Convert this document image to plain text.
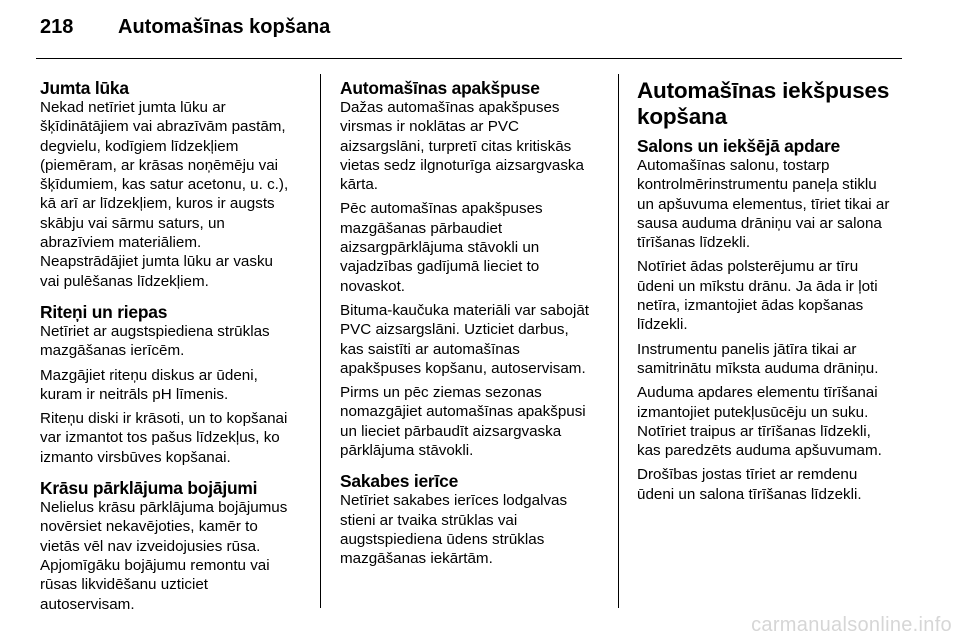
218 Automašīnas kopšana
Jumta lūka
Nekad netīriet jumta lūku ar
šķīdinātājiem vai abrazīvām pastām,
degvielu, kodīgiem līdzekļiem
(piemēram, ar krāsas noņēmēju vai
šķīdumiem, kas satur acetonu, u. c.),
kā arī ar līdzekļiem, kuros ir augsts
skābju vai sārmu saturs, un
abrazīviem materiāliem.
Neapstrādājiet jumta lūku ar vasku
vai pulēšanas līdzekļiem.
Riteņi un riepas
Netīriet ar augstspiediena strūklas
mazgāšanas ierīcēm.
Mazgājiet riteņu diskus ar ūdeni,
kuram ir neitrāls pH līmenis.
Riteņu diski ir krāsoti, un to kopšanai
var izmantot tos pašus līdzekļus, ko
izmanto virsbūves kopšanai.
Krāsu pārklājuma bojājumi
Nelielus krāsu pārklājuma bojājumus
novērsiet nekavējoties, kamēr to
vietās vēl nav izveidojusies rūsa.
Apjomīgāku bojājumu remontu vai
rūsas likvidēšanu uzticiet
autoservisam.
Automašīnas apakšpuse
Dažas automašīnas apakšpuses
virsmas ir noklātas ar PVC
aizsargslāni, turpretī citas kritiskās
vietas sedz ilgnoturīga aizsargvaska
kārta.
Pēc automašīnas apakšpuses
mazgāšanas pārbaudiet
aizsargpārklājuma stāvokli un
vajadzības gadījumā lieciet to
novaskot.
Bituma-kaučuka materiāli var sabojāt
PVC aizsargslāni. Uzticiet darbus,
kas saistīti ar automašīnas
apakšpuses kopšanu, autoservisam.
Pirms un pēc ziemas sezonas
nomazgājiet automašīnas apakšpusi
un lieciet pārbaudīt aizsargvaska
pārklājuma stāvokli.
Sakabes ierīce
Netīriet sakabes ierīces lodgalvas
stieni ar tvaika strūklas vai
augstspiediena ūdens strūklas
mazgāšanas iekārtām.
Automašīnas iekšpuses
kopšana
Salons un iekšējā apdare
Automašīnas salonu, tostarp
kontrolmērinstrumentu paneļa stiklu
un apšuvuma elementus, tīriet tikai ar
sausa auduma drāniņu vai ar salona
tīrīšanas līdzekli.
Notīriet ādas polsterējumu ar tīru
ūdeni un mīkstu drānu. Ja āda ir ļoti
netīra, izmantojiet ādas kopšanas
līdzekli.
Instrumentu panelis jātīra tikai ar
samitrinātu mīksta auduma drāniņu.
Auduma apdares elementu tīrīšanai
izmantojiet putekļusūcēju un suku.
Notīriet traipus ar tīrīšanas līdzekli,
kas paredzēts auduma apšuvumam.
Drošības jostas tīriet ar remdenu
ūdeni un salona tīrīšanas līdzekli.
carmanualsonline.info
